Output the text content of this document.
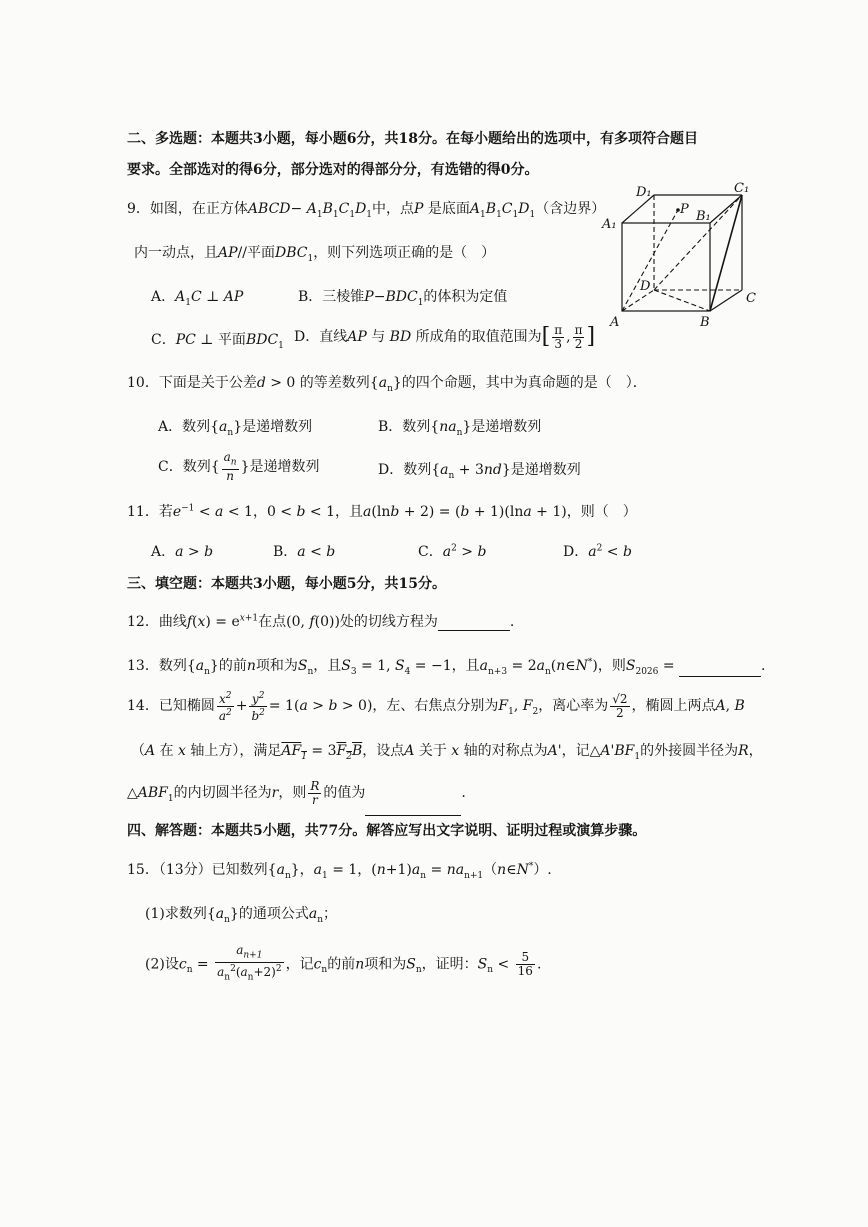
二、多选题：本题共3小题，每小题6分，共18分。在每小题给出的选项中，有多项符合题目
要求。全部选对的得6分，部分选对的得部分分，有选错的得0分。
9．如图，在正方体ABCD− $A_1B_1C_1D_1$中，点P 是底面$A_1B_1C_1D_1$（含边界）
内一动点，且AP//平面$DBC_1$，则下列选项正确的是（　）
A．$A_1C$ ⊥ AP	B．三棱锥$P-BDC_1$的体积为定值
C．PC ⊥ 平面$BDC_1$
D．直线AP 与 BD 所成角的取值范围为[ $\frac{\pi}{3}$ , $\frac{\pi}{2}$ ]
D₁	C₁
A₁
B₁
P
D
C
A	B
10．下面是关于公差d > 0 的等差数列$\{a_n\}$的四个命题，其中为真命题的是（　）．
A．数列$\{a_n\}$是递增数列	B．数列$\{na_n\}$是递增数列
C．数列{ $\frac{a_n}{n}$ }是递增数列	D．数列$\{a_n + 3nd\}$是递增数列
11．若$e^{-1} < a < 1$，0 < b < 1，且a(lnb + 2) = (b + 1)(lna + 1)，则（　）
A．a > b	B．a < b	C．$a^2 > b$	D．$a^2 < b$
三、填空题：本题共3小题，每小题5分，共15分。
12．曲线$f(x) = e^{x+1}$在点(0, f(0))处的切线方程为	.
13．数列$\{a_n\}$的前n项和为$S_n$，且$S_3 = 1$, $S_4 = -1$，且$a_{n+3}$ = $2a_n(n\in N^*)$，则$S_{2026}$ =	.
14．已知椭圆 $\frac{x^2}{a^2} + \frac{y^2}{b^2} = 1(a > b > 0)$，左、右焦点分别为$F_1$, $F_2$，离心率为 $\frac{√2}{2}$ ，椭圆上两点A, B
（A 在 x 轴上方），满足$AF_1 = 3F_2B$，设点A 关于 x 轴的对称点为A'，记$\triangle A'BF_1$的外接圆半径为R，
$\triangle ABF_1$的内切圆半径为r，则 $\frac{R}{r}$ 的值为	.
四、解答题：本题共5小题，共77分。解答应写出文字说明、证明过程或演算步骤。
15．（13分）已知数列$\{a_n\}$，$a_1 = 1$，$(n+1)a_n$ = $na_{n+1}(n\in N^*)$.
(1)求数列$\{a_n\}$的通项公式$a_n$；
(2)设$c_n = \frac{a_{n+1}}{a_n^2(a_n+2)^2}$ ，记$c_n$的前n项和为$S_n$，证明：$S_n < \frac{5}{16}$ .
